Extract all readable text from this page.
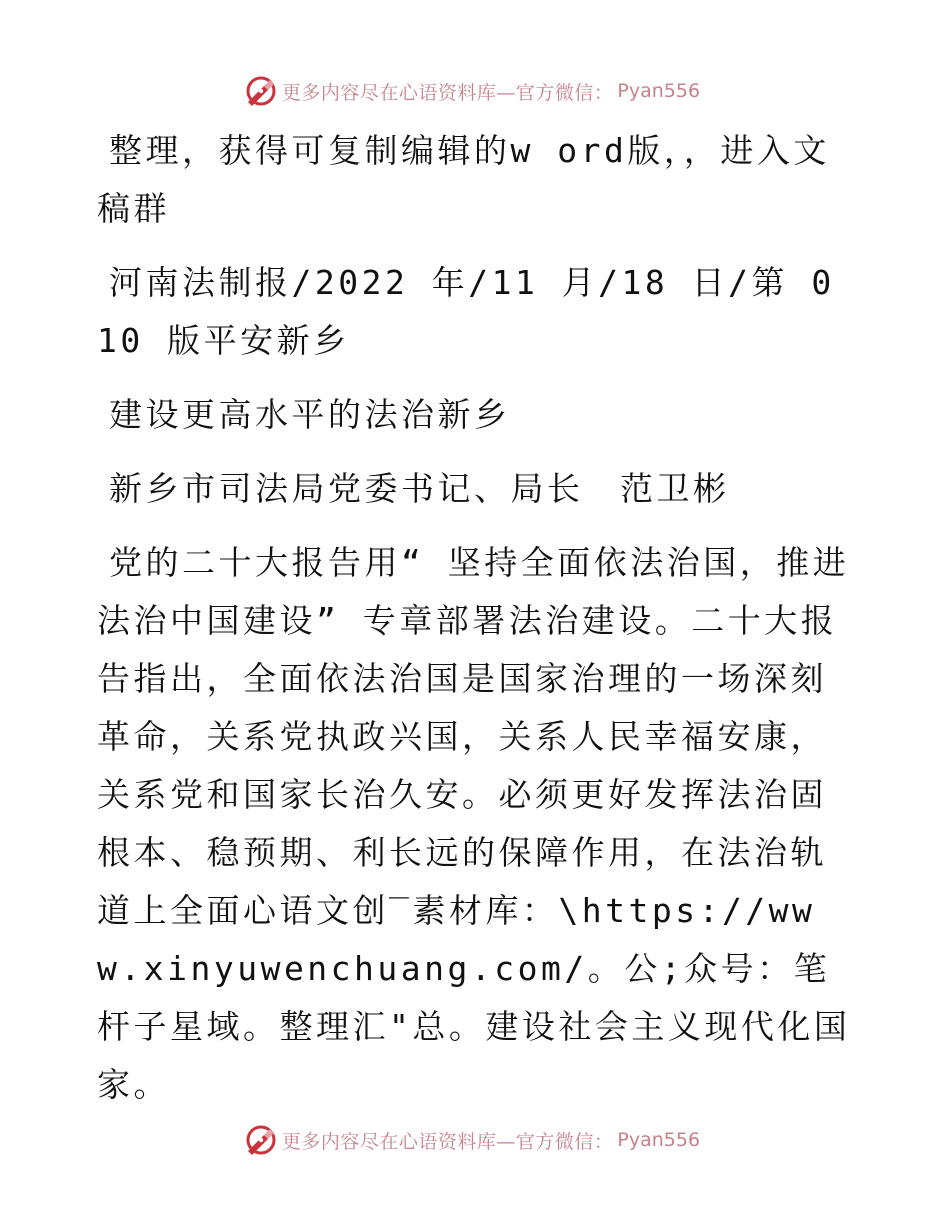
更多内容尽在心语资料库—官方微信： Pyan556

整理，获得可复制编辑的w ord版，，进入文稿群

河南法制报/2022 年/11 月/18 日/第 010 版平安新乡

建设更高水平的法治新乡

新乡市司法局党委书记、局长　范卫彬

党的二十大报告用“ 坚持全面依法治国，推进法治中国建设” 专章部署法治建设。二十大报告指出，全面依法治国是国家治理的一场深刻革命，关系党执政兴国，关系人民幸福安康，关系党和国家长治久安。必须更好发挥法治固根本、稳预期、利长远的保障作用，在法治轨道上全面心语文创‾素材库：\https://www.xinyuwenchuang.com/。公;众号：笔杆子星域。整理汇"总。建设社会主义现代化国家。

更多内容尽在心语资料库—官方微信： Pyan556
